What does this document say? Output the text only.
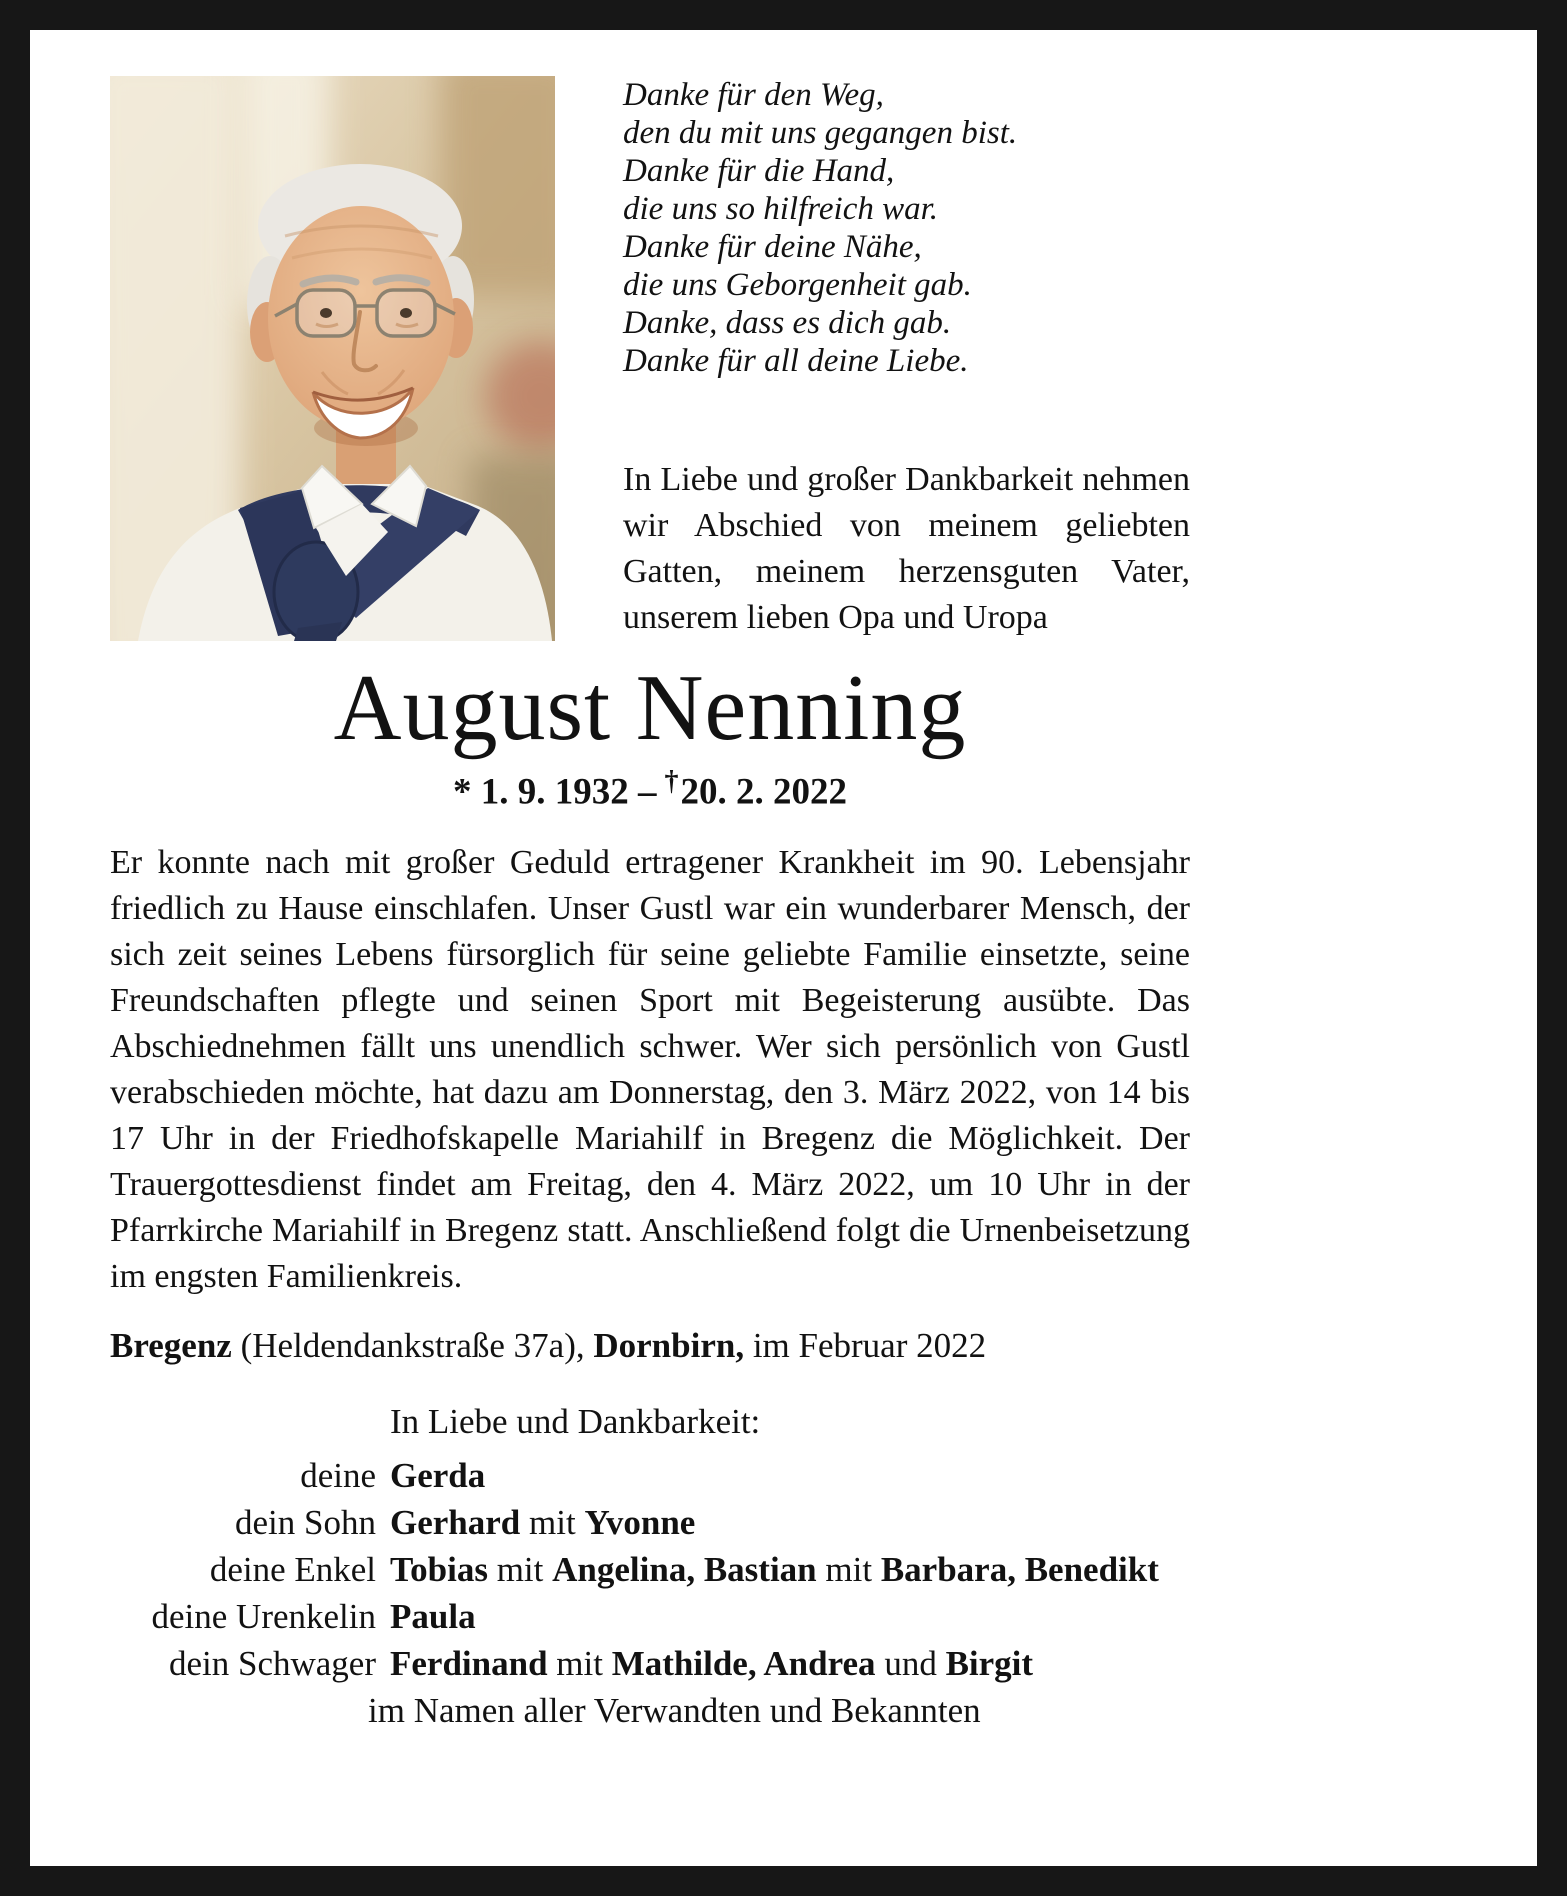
Danke für den Weg,
den du mit uns gegangen bist.
Danke für die Hand,
die uns so hilfreich war.
Danke für deine Nähe,
die uns Geborgenheit gab.
Danke, dass es dich gab.
Danke für all deine Liebe.

In Liebe und großer Dankbarkeit nehmen wir Abschied von meinem geliebten Gatten, meinem herzensguten Vater, unserem lieben Opa und Uropa

August Nenning
* 1. 9. 1932 – †20. 2. 2022

Er konnte nach mit großer Geduld ertragener Krankheit im 90. Lebensjahr friedlich zu Hause einschlafen. Unser Gustl war ein wunderbarer Mensch, der sich zeit seines Lebens fürsorglich für seine geliebte Familie einsetzte, seine Freundschaften pflegte und seinen Sport mit Begeisterung ausübte. Das Abschiednehmen fällt uns unendlich schwer. Wer sich persönlich von Gustl verabschieden möchte, hat dazu am Donnerstag, den 3. März 2022, von 14 bis 17 Uhr in der Friedhofskapelle Mariahilf in Bregenz die Möglichkeit. Der Trauergottesdienst findet am Freitag, den 4. März 2022, um 10 Uhr in der Pfarrkirche Mariahilf in Bregenz statt. Anschließend folgt die Urnenbeisetzung im engsten Familienkreis.

Bregenz (Heldendankstraße 37a), Dornbirn, im Februar 2022

In Liebe und Dankbarkeit:

deine Gerda
dein Sohn Gerhard mit Yvonne
deine Enkel Tobias mit Angelina, Bastian mit Barbara, Benedikt
deine Urenkelin Paula
dein Schwager Ferdinand mit Mathilde, Andrea und Birgit
im Namen aller Verwandten und Bekannten
